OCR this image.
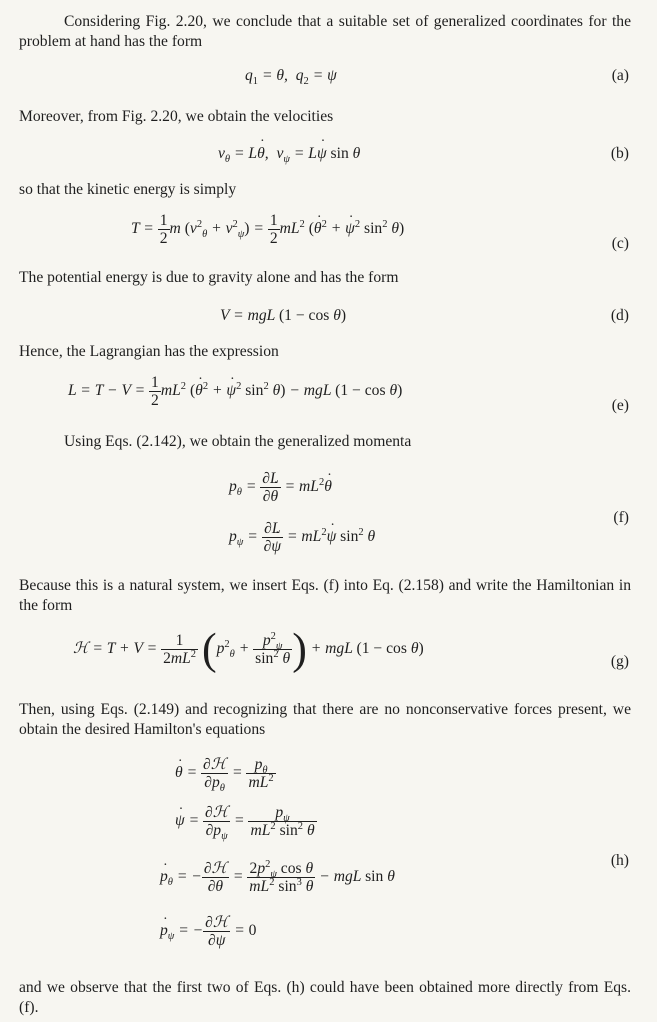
Considering Fig. 2.20, we conclude that a suitable set of generalized coordinates for the problem at hand has the form
$q_1 = \theta$,  $q_2 = \psi$	(a)
Moreover, from Fig. 2.20, we obtain the velocities
$v_\theta$ = L˙ θ,  $v_\psi$ = L˙ ψ sin θ	(b)
so that the kinetic energy is simply
$T = \frac{1}{2}$ m $(v^2_\theta + v^2_\psi) = \frac{1}{2} mL^2$ (˙ $\theta^2$ + ˙ $\psi^2$ $\sin^2 \theta$)
(c)
The potential energy is due to gravity alone and has the form
V = mgL (1 − cos θ)	(d)
Hence, the Lagrangian has the expression
$L = T - V = \frac{1}{2} mL^2$ (˙ $\theta^2$ + ˙ $\psi^2$ $\sin^2 \theta$) − mgL (1 − cos θ)
(e)
Using Eqs. (2.142), we obtain the generalized momenta
$p_\theta = \frac{\partial L}{\partial˙ \theta}$ = $mL^2˙$ θ
$p_\psi = \frac{\partial L}{\partial˙ \psi}$ = $mL^2˙$ ψ $\sin^2 \theta$
(f)
Because this is a natural system, we insert Eqs. (f) into Eq. (2.158) and write the Hamiltonian in the form
ℋ = $T + V = \frac{1}{2mL^2} (p^2_\theta + \frac{p^2_\psi}{\sin^2 \theta}$ ) + mgL (1 − cos θ)
(g)
Then, using Eqs. (2.149) and recognizing that there are no nonconservative forces present, we obtain the desired Hamilton's equations
˙ $\theta = \frac{\text{∂ℋ}}{\partial p_\theta} = \frac{p_\theta}{mL^2}$
˙ $\psi = \frac{\text{∂ℋ}}{\partial p_\psi} = \frac{p_\psi}{mL^2 \sin^2 \theta}$
˙ $p_\theta$ = − $\frac{\text{∂ℋ}}{\partial\theta} = \frac{2p^2_\psi \cos \theta}{mL^2 \sin^3 \theta}$ − mgL sin θ
˙ $p_\psi$ = − $\frac{\text{∂ℋ}}{\partial\psi} = 0$
(h)
and we observe that the first two of Eqs. (h) could have been obtained more directly from Eqs. (f).
